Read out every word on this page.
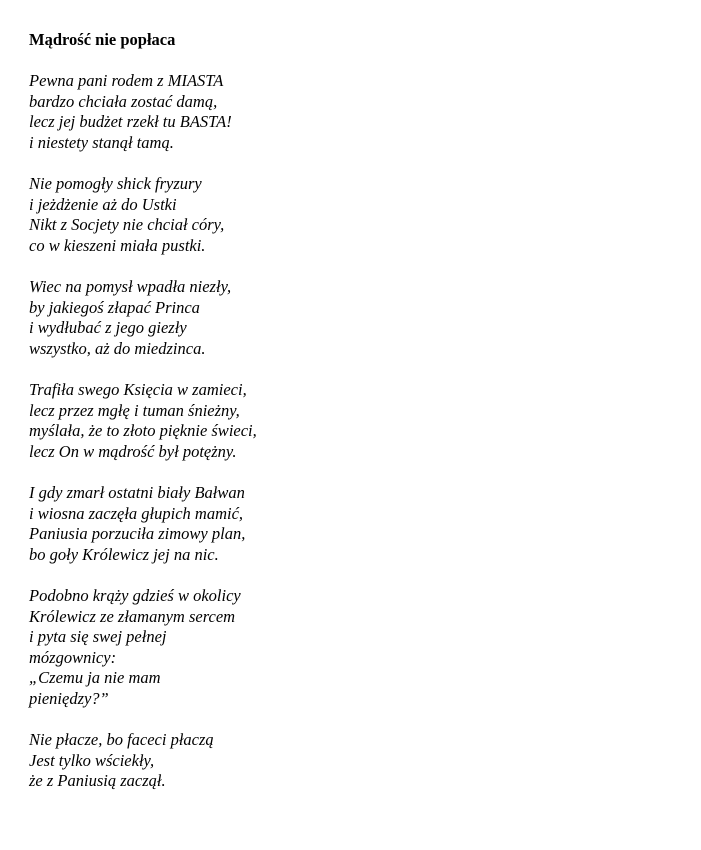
Mądrość nie popłaca
Pewna pani rodem z MIASTA
bardzo chciała zostać damą,
lecz jej budżet rzekł tu BASTA!
i niestety stanął tamą.
Nie pomogły shick fryzury
i jeżdżenie aż do Ustki
Nikt z Socjety nie chciał córy,
co w kieszeni miała pustki.
Wiec na pomysł wpadła niezły,
by jakiegoś złapać Princa
i wydłubać z jego giezły
wszystko, aż do miedzinca.
Trafiła swego Księcia w zamieci,
lecz przez mgłę i tuman śnieżny,
myślała, że to złoto pięknie świeci,
lecz On w mądrość był potężny.
I gdy zmarł ostatni biały Bałwan
i wiosna zaczęła głupich mamić,
Paniusia porzuciła zimowy plan,
bo goły Królewicz jej na nic.
Podobno krąży gdzieś w okolicy
Królewicz ze złamanym sercem
i pyta się swej pełnej
mózgownicy:
„Czemu ja nie mam
pieniędzy?”
Nie płacze, bo faceci płaczą
Jest tylko wściekły,
że z Paniusią zaczął.
